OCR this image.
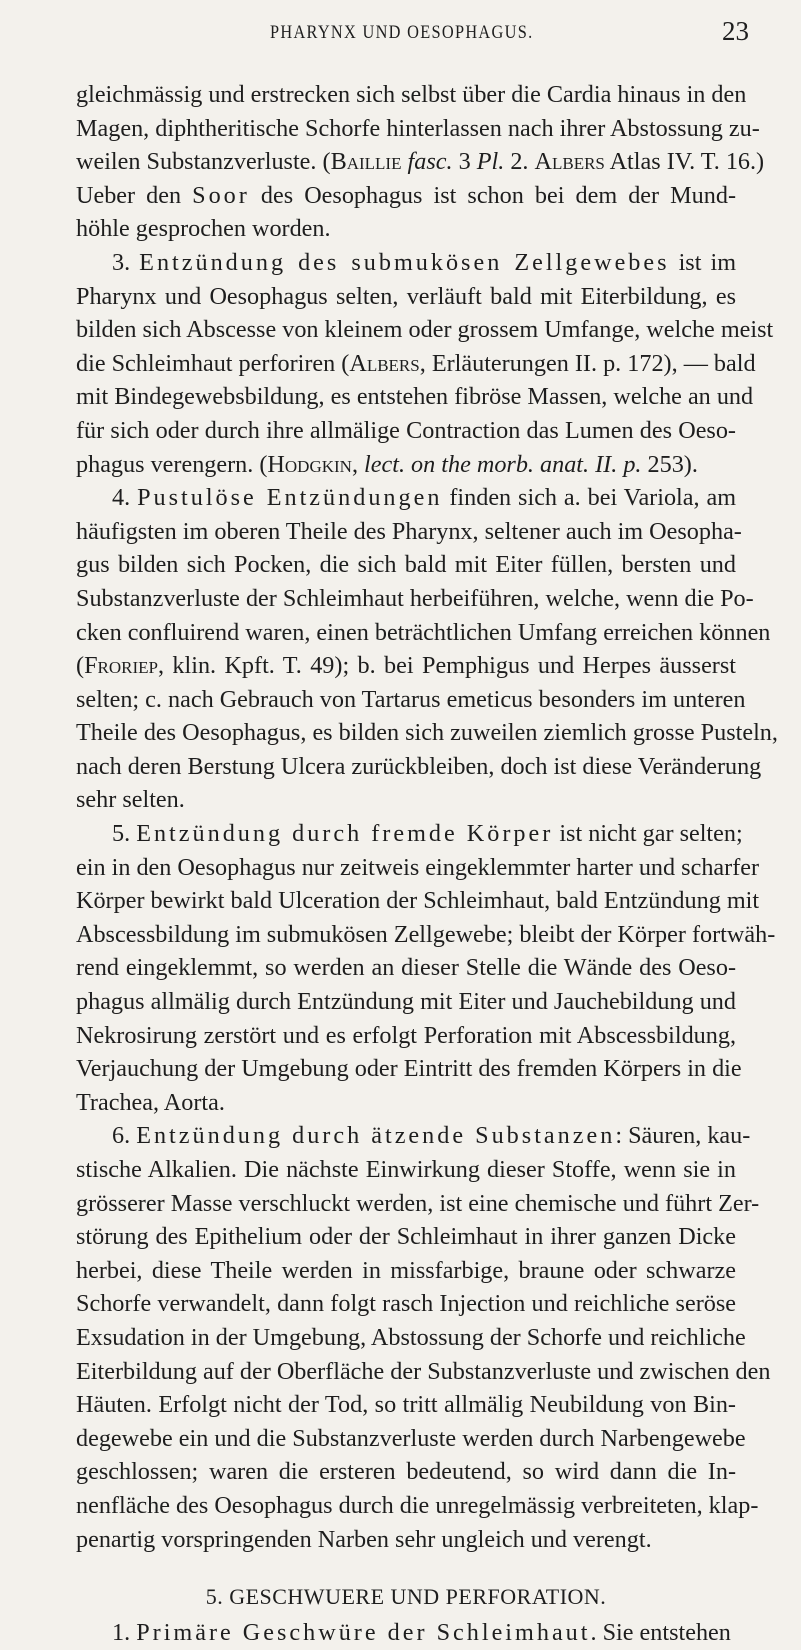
PHARYNX UND OESOPHAGUS.	23
gleichmässig und erstrecken sich selbst über die Cardia hinaus in den
Magen, diphtheritische Schorfe hinterlassen nach ihrer Abstossung zu-
weilen Substanzverluste. (Baillie fasc. 3 Pl. 2. Albers Atlas IV. T. 16.)
Ueber den Soor des Oesophagus ist schon bei dem der Mund-
höhle gesprochen worden.
3. Entzündung des submukösen Zellgewebes ist im
Pharynx und Oesophagus selten, verläuft bald mit Eiterbildung, es
bilden sich Abscesse von kleinem oder grossem Umfange, welche meist
die Schleimhaut perforiren (Albers, Erläuterungen II. p. 172), — bald
mit Bindegewebsbildung, es entstehen fibröse Massen, welche an und
für sich oder durch ihre allmälige Contraction das Lumen des Oeso-
phagus verengern. (Hodgkin, lect. on the morb. anat. II. p. 253).
4. Pustulöse Entzündungen finden sich a. bei Variola, am
häufigsten im oberen Theile des Pharynx, seltener auch im Oesopha-
gus bilden sich Pocken, die sich bald mit Eiter füllen, bersten und
Substanzverluste der Schleimhaut herbeiführen, welche, wenn die Po-
cken confluirend waren, einen beträchtlichen Umfang erreichen können
(Froriep, klin. Kpft. T. 49); b. bei Pemphigus und Herpes äusserst
selten; c. nach Gebrauch von Tartarus emeticus besonders im unteren
Theile des Oesophagus, es bilden sich zuweilen ziemlich grosse Pusteln,
nach deren Berstung Ulcera zurückbleiben, doch ist diese Veränderung
sehr selten.
5. Entzündung durch fremde Körper ist nicht gar selten;
ein in den Oesophagus nur zeitweis eingeklemmter harter und scharfer
Körper bewirkt bald Ulceration der Schleimhaut, bald Entzündung mit
Abscessbildung im submukösen Zellgewebe; bleibt der Körper fortwäh-
rend eingeklemmt, so werden an dieser Stelle die Wände des Oeso-
phagus allmälig durch Entzündung mit Eiter und Jauchebildung und
Nekrosirung zerstört und es erfolgt Perforation mit Abscessbildung,
Verjauchung der Umgebung oder Eintritt des fremden Körpers in die
Trachea, Aorta.
6. Entzündung durch ätzende Substanzen: Säuren, kau-
stische Alkalien. Die nächste Einwirkung dieser Stoffe, wenn sie in
grösserer Masse verschluckt werden, ist eine chemische und führt Zer-
störung des Epithelium oder der Schleimhaut in ihrer ganzen Dicke
herbei, diese Theile werden in missfarbige, braune oder schwarze
Schorfe verwandelt, dann folgt rasch Injection und reichliche seröse
Exsudation in der Umgebung, Abstossung der Schorfe und reichliche
Eiterbildung auf der Oberfläche der Substanzverluste und zwischen den
Häuten. Erfolgt nicht der Tod, so tritt allmälig Neubildung von Bin-
degewebe ein und die Substanzverluste werden durch Narbengewebe
geschlossen; waren die ersteren bedeutend, so wird dann die In-
nenfläche des Oesophagus durch die unregelmässig verbreiteten, klap-
penartig vorspringenden Narben sehr ungleich und verengt.
5. GESCHWUERE UND PERFORATION.
1. Primäre Geschwüre der Schleimhaut. Sie entstehen
